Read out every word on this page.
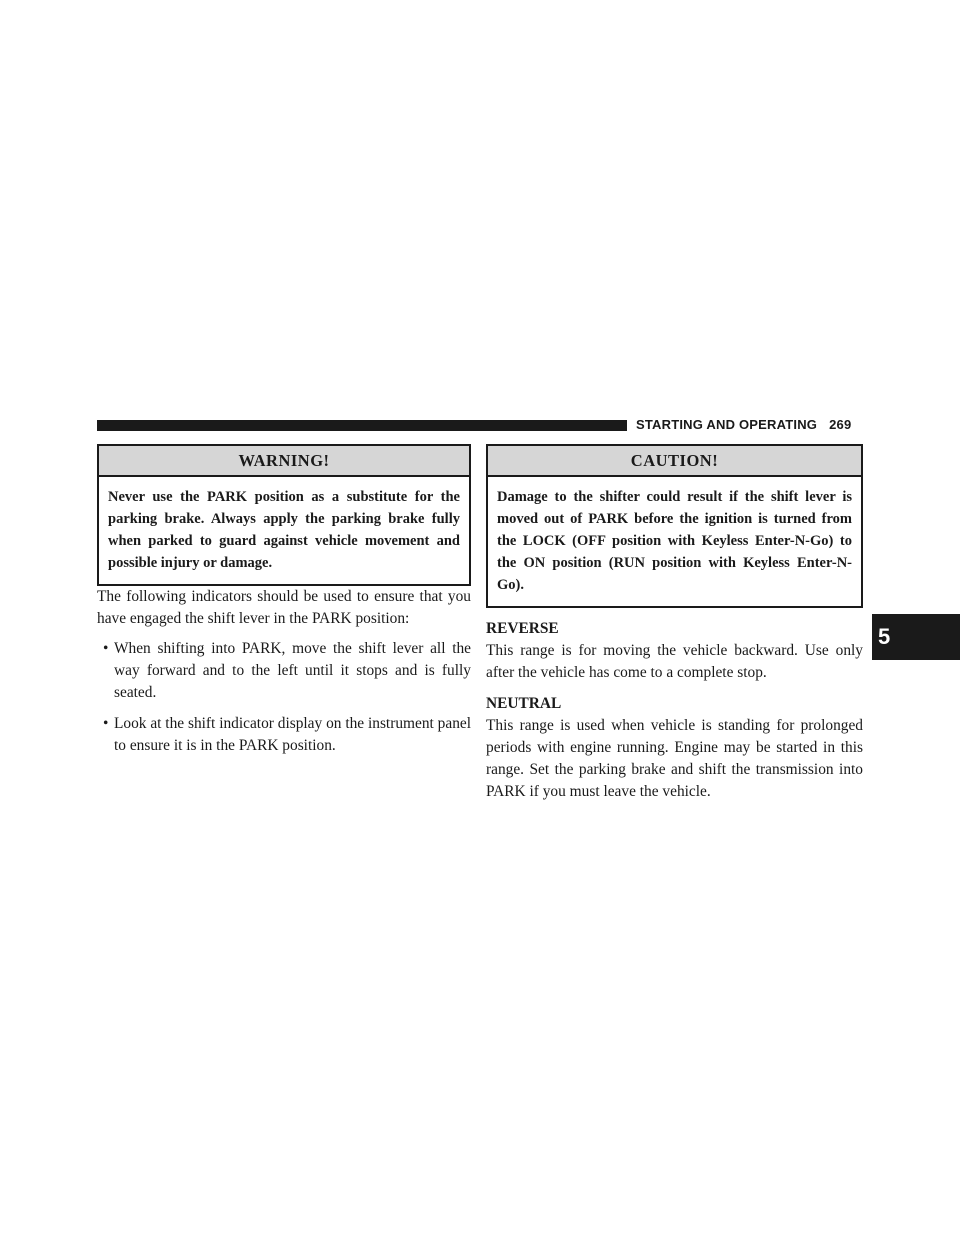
STARTING AND OPERATING 269
WARNING!
Never use the PARK position as a substitute for the parking brake. Always apply the parking brake fully when parked to guard against vehicle movement and possible injury or damage.

The following indicators should be used to ensure that you have engaged the shift lever in the PARK position:

• When shifting into PARK, move the shift lever all the way forward and to the left until it stops and is fully seated.
• Look at the shift indicator display on the instrument panel to ensure it is in the PARK position.
CAUTION!
Damage to the shifter could result if the shift lever is moved out of PARK before the ignition is turned from the LOCK (OFF position with Keyless Enter-N-Go) to the ON position (RUN position with Keyless Enter-N-Go).
REVERSE

This range is for moving the vehicle backward. Use only after the vehicle has come to a complete stop.

NEUTRAL

This range is used when vehicle is standing for prolonged periods with engine running. Engine may be started in this range. Set the parking brake and shift the transmission into PARK if you must leave the vehicle.

5
